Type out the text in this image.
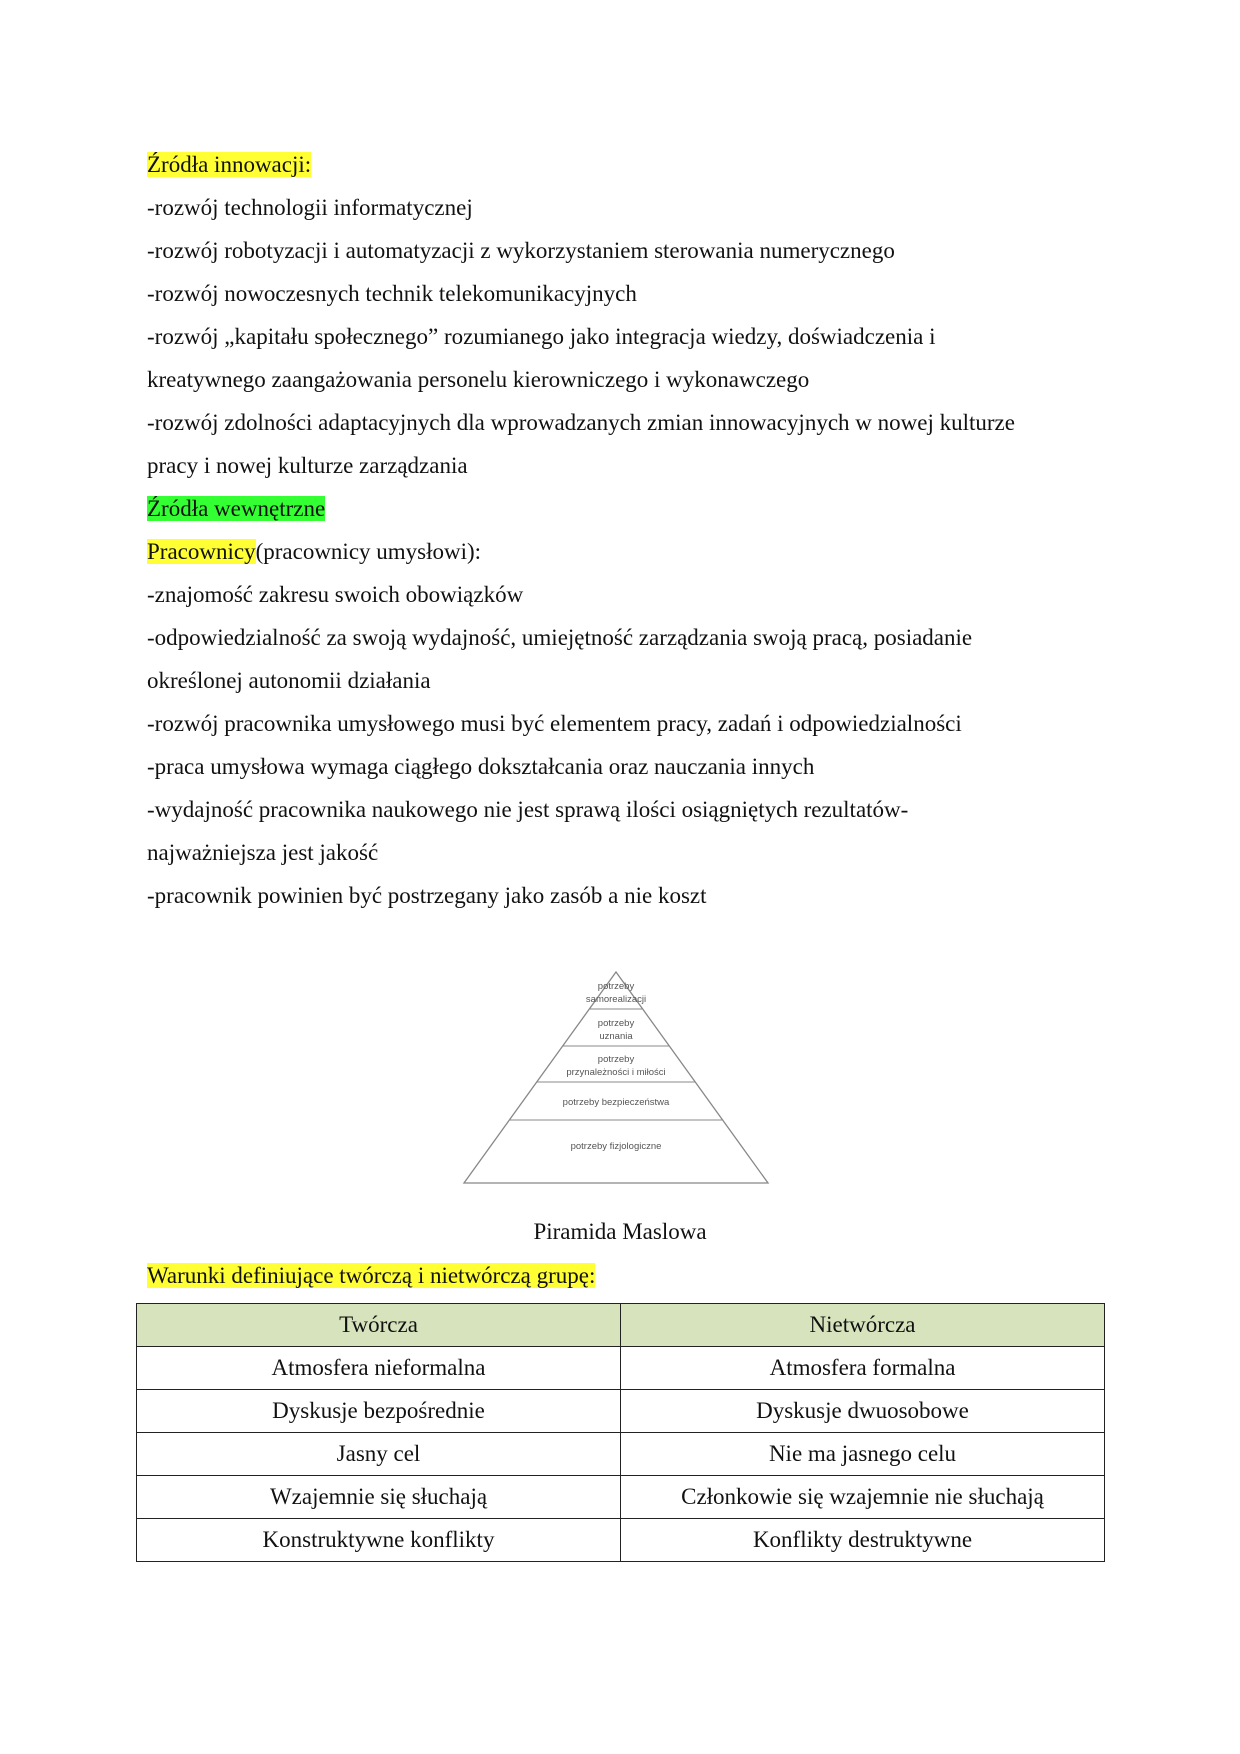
Źródła innowacji:
-rozwój technologii informatycznej
-rozwój robotyzacji i automatyzacji z wykorzystaniem sterowania numerycznego
-rozwój nowoczesnych technik telekomunikacyjnych
-rozwój „kapitału społecznego” rozumianego jako integracja wiedzy, doświadczenia i
kreatywnego zaangażowania personelu kierowniczego i wykonawczego
-rozwój zdolności adaptacyjnych dla wprowadzanych zmian innowacyjnych w nowej kulturze
pracy i nowej kulturze zarządzania
Źródła wewnętrzne
Pracownicy(pracownicy umysłowi):
-znajomość zakresu swoich obowiązków
-odpowiedzialność za swoją wydajność, umiejętność zarządzania swoją pracą, posiadanie
określonej autonomii działania
-rozwój pracownika umysłowego musi być elementem pracy, zadań i odpowiedzialności
-praca umysłowa wymaga ciągłego dokształcania oraz nauczania innych
-wydajność pracownika naukowego nie jest sprawą ilości osiągniętych rezultatów-
najważniejsza jest jakość
-pracownik powinien być postrzegany jako zasób a nie koszt
potrzeby
samorealizacji
potrzeby
uznania
potrzeby
przynależności i miłości
potrzeby bezpieczeństwa
potrzeby fizjologiczne
Piramida Maslowa
Warunki definiujące twórczą i nietwórczą grupę:
Twórcza	Nietwórcza
Atmosfera nieformalna	Atmosfera formalna
Dyskusje bezpośrednie	Dyskusje dwuosobowe
Jasny cel	Nie ma jasnego celu
Wzajemnie się słuchają	Członkowie się wzajemnie nie słuchają
Konstruktywne konflikty	Konflikty destruktywne
